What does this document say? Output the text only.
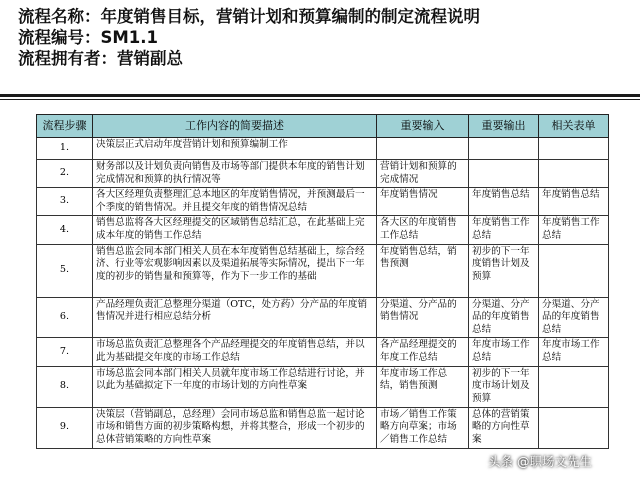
流程名称：年度销售目标，营销计划和预算编制的制定流程说明
流程编号：SM1.1
流程拥有者：营销副总
流程步骤	工作内容的简要描述	重要输入	重要输出	相关表单
1.	决策层正式启动年度营销计划和预算编制工作			
2.	财务部以及计划负责向销售及市场等部门提供本年度的销售计划完成情况和预算的执行情况等	营销计划和预算的完成情况		
3.	各大区经理负责整理汇总本地区的年度销售情况，并预测最后一个季度的销售情况。并且提交年度的销售情况总结	年度销售情况	年度销售总结	年度销售总结
4.	销售总监将各大区经理提交的区域销售总结汇总，在此基础上完成本年度的销售工作总结	各大区的年度销售工作总结	年度销售工作总结	年度销售工作总结
5.	销售总监会同本部门相关人员在本年度销售总结基础上，综合经济、行业等宏观影响因素以及渠道拓展等实际情况，提出下一年度的初步的销售量和预算等，作为下一步工作的基础	年度销售总结，销售预测	初步的下一年度销售计划及预算	
6.	产品经理负责汇总整理分渠道（OTC，处方药）分产品的年度销售情况并进行相应总结分析	分渠道、分产品的销售情况	分渠道、分产品的年度销售总结	分渠道、分产品的年度销售总结
7.	市场总监负责汇总整理各个产品经理提交的年度销售总结，并以此为基础提交年度的市场工作总结	各产品经理提交的年度工作总结	年度市场工作总结	年度市场工作总结
8.	市场总监会同本部门相关人员就年度市场工作总结进行讨论，并以此为基础拟定下一年度的市场计划的方向性草案	年度市场工作总结，销售预测	初步的下一年度市场计划及预算	
9.	决策层（营销副总，总经理）会同市场总监和销售总监一起讨论市场和销售方面的初步策略构想，并将其整合，形成一个初步的总体营销策略的方向性草案	市场／销售工作策略方向草案；市场／销售工作总结	总体的营销策略的方向性草案	
头条 @职场文先生
